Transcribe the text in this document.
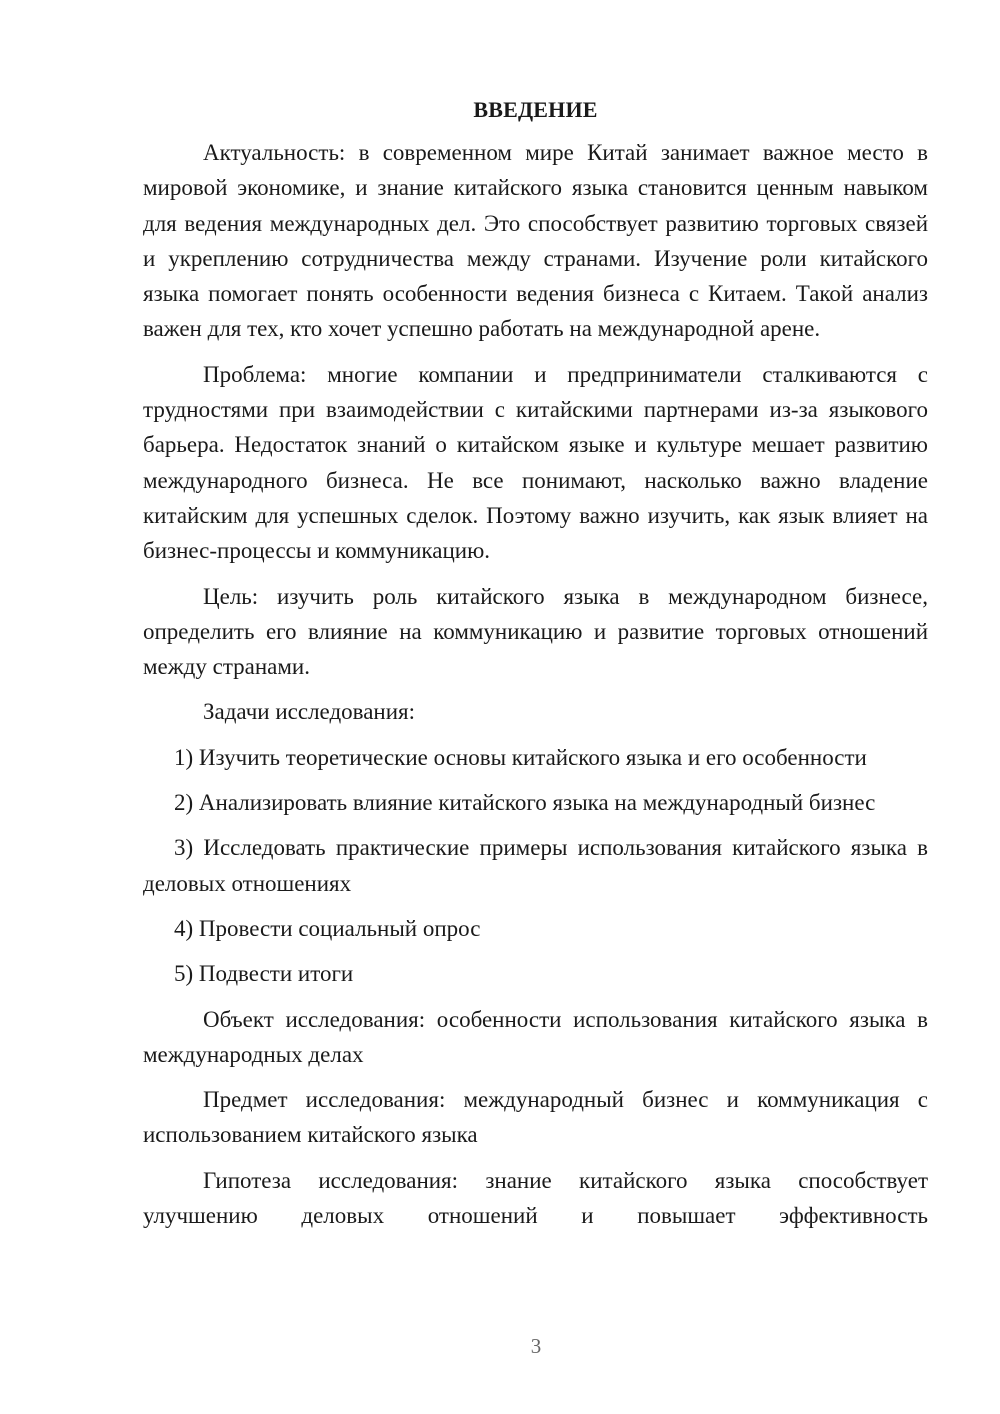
ВВЕДЕНИЕ

Актуальность: в современном мире Китай занимает важное место в мировой экономике, и знание китайского языка становится ценным навыком для ведения международных дел. Это способствует развитию торговых связей и укреплению сотрудничества между странами. Изучение роли китайского языка помогает понять особенности ведения бизнеса с Китаем. Такой анализ важен для тех, кто хочет успешно работать на международной арене.

Проблема: многие компании и предприниматели сталкиваются с трудностями при взаимодействии с китайскими партнерами из-за языкового барьера. Недостаток знаний о китайском языке и культуре мешает развитию международного бизнеса. Не все понимают, насколько важно владение китайским для успешных сделок. Поэтому важно изучить, как язык влияет на бизнес-процессы и коммуникацию.

Цель: изучить роль китайского языка в международном бизнесе, определить его влияние на коммуникацию и развитие торговых отношений между странами.

Задачи исследования:

1) Изучить теоретические основы китайского языка и его особенности

2) Анализировать влияние китайского языка на международный бизнес

3) Исследовать практические примеры использования китайского языка в деловых отношениях

4) Провести социальный опрос

5) Подвести итоги

Объект исследования: особенности использования китайского языка в международных делах

Предмет исследования: международный бизнес и коммуникация с использованием китайского языка

Гипотеза исследования: знание китайского языка способствует улучшению деловых отношений и повышает эффективность

3
